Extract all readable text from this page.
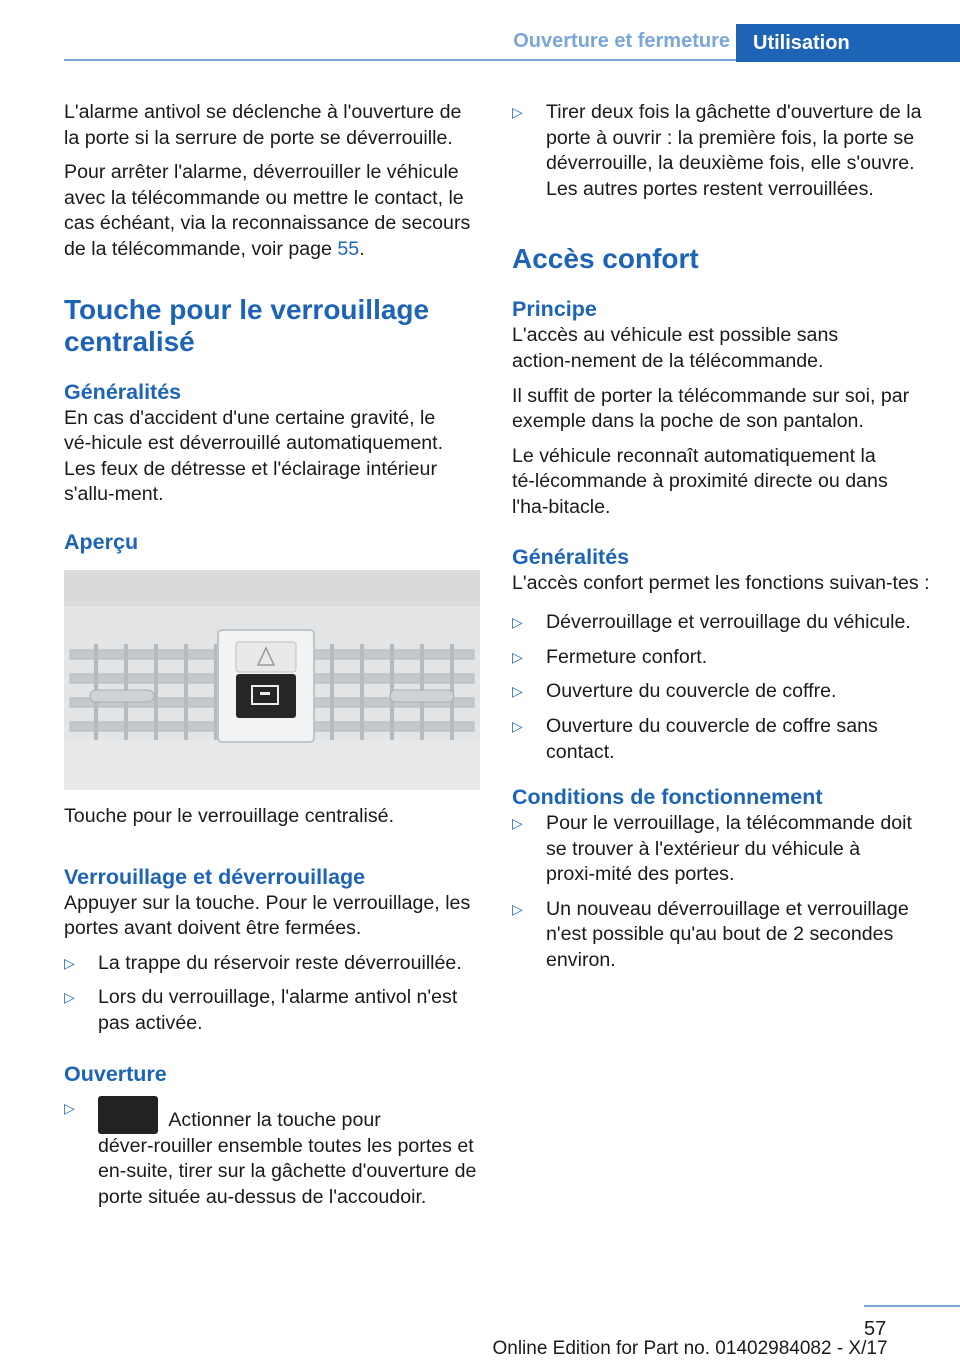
Ouverture et fermeture	Utilisation

L'alarme antivol se déclenche à l'ouverture de la porte si la serrure de porte se déverrouille.

Pour arrêter l'alarme, déverrouiller le véhicule avec la télécommande ou mettre le contact, le cas échéant, via la reconnaissance de secours de la télécommande, voir page 55.

Touche pour le verrouillage centralisé
Généralités

En cas d'accident d'une certaine gravité, le vé‑hicule est déverrouillé automatiquement. Les feux de détresse et l'éclairage intérieur s'allu‑ment.

Aperçu

Touche pour le verrouillage centralisé.

Verrouillage et déverrouillage

Appuyer sur la touche. Pour le verrouillage, les portes avant doivent être fermées.

▷ La trappe du réservoir reste déverrouillée.
▷ Lors du verrouillage, l'alarme antivol n'est pas activée.
Ouverture
▷
Actionner la touche pour déver‑rouiller ensemble toutes les portes et en‑suite, tirer sur la gâchette d'ouverture de porte située au-dessus de l'accoudoir.
▷ Tirer deux fois la gâchette d'ouverture de la porte à ouvrir : la première fois, la porte se déverrouille, la deuxième fois, elle s'ouvre. Les autres portes restent verrouillées.
Accès confort
Principe

L'accès au véhicule est possible sans action‑nement de la télécommande.

Il suffit de porter la télécommande sur soi, par exemple dans la poche de son pantalon.

Le véhicule reconnaît automatiquement la té‑lécommande à proximité directe ou dans l'ha‑bitacle.

Généralités

L'accès confort permet les fonctions suivan‑tes :

▷ Déverrouillage et verrouillage du véhicule.
▷ Fermeture confort.
▷ Ouverture du couvercle de coffre.
▷ Ouverture du couvercle de coffre sans contact.
Conditions de fonctionnement
▷ Pour le verrouillage, la télécommande doit se trouver à l'extérieur du véhicule à proxi‑mité des portes.
▷ Un nouveau déverrouillage et verrouillage n'est possible qu'au bout de 2 secondes environ.
57
Online Edition for Part no. 01402984082 - X/17
